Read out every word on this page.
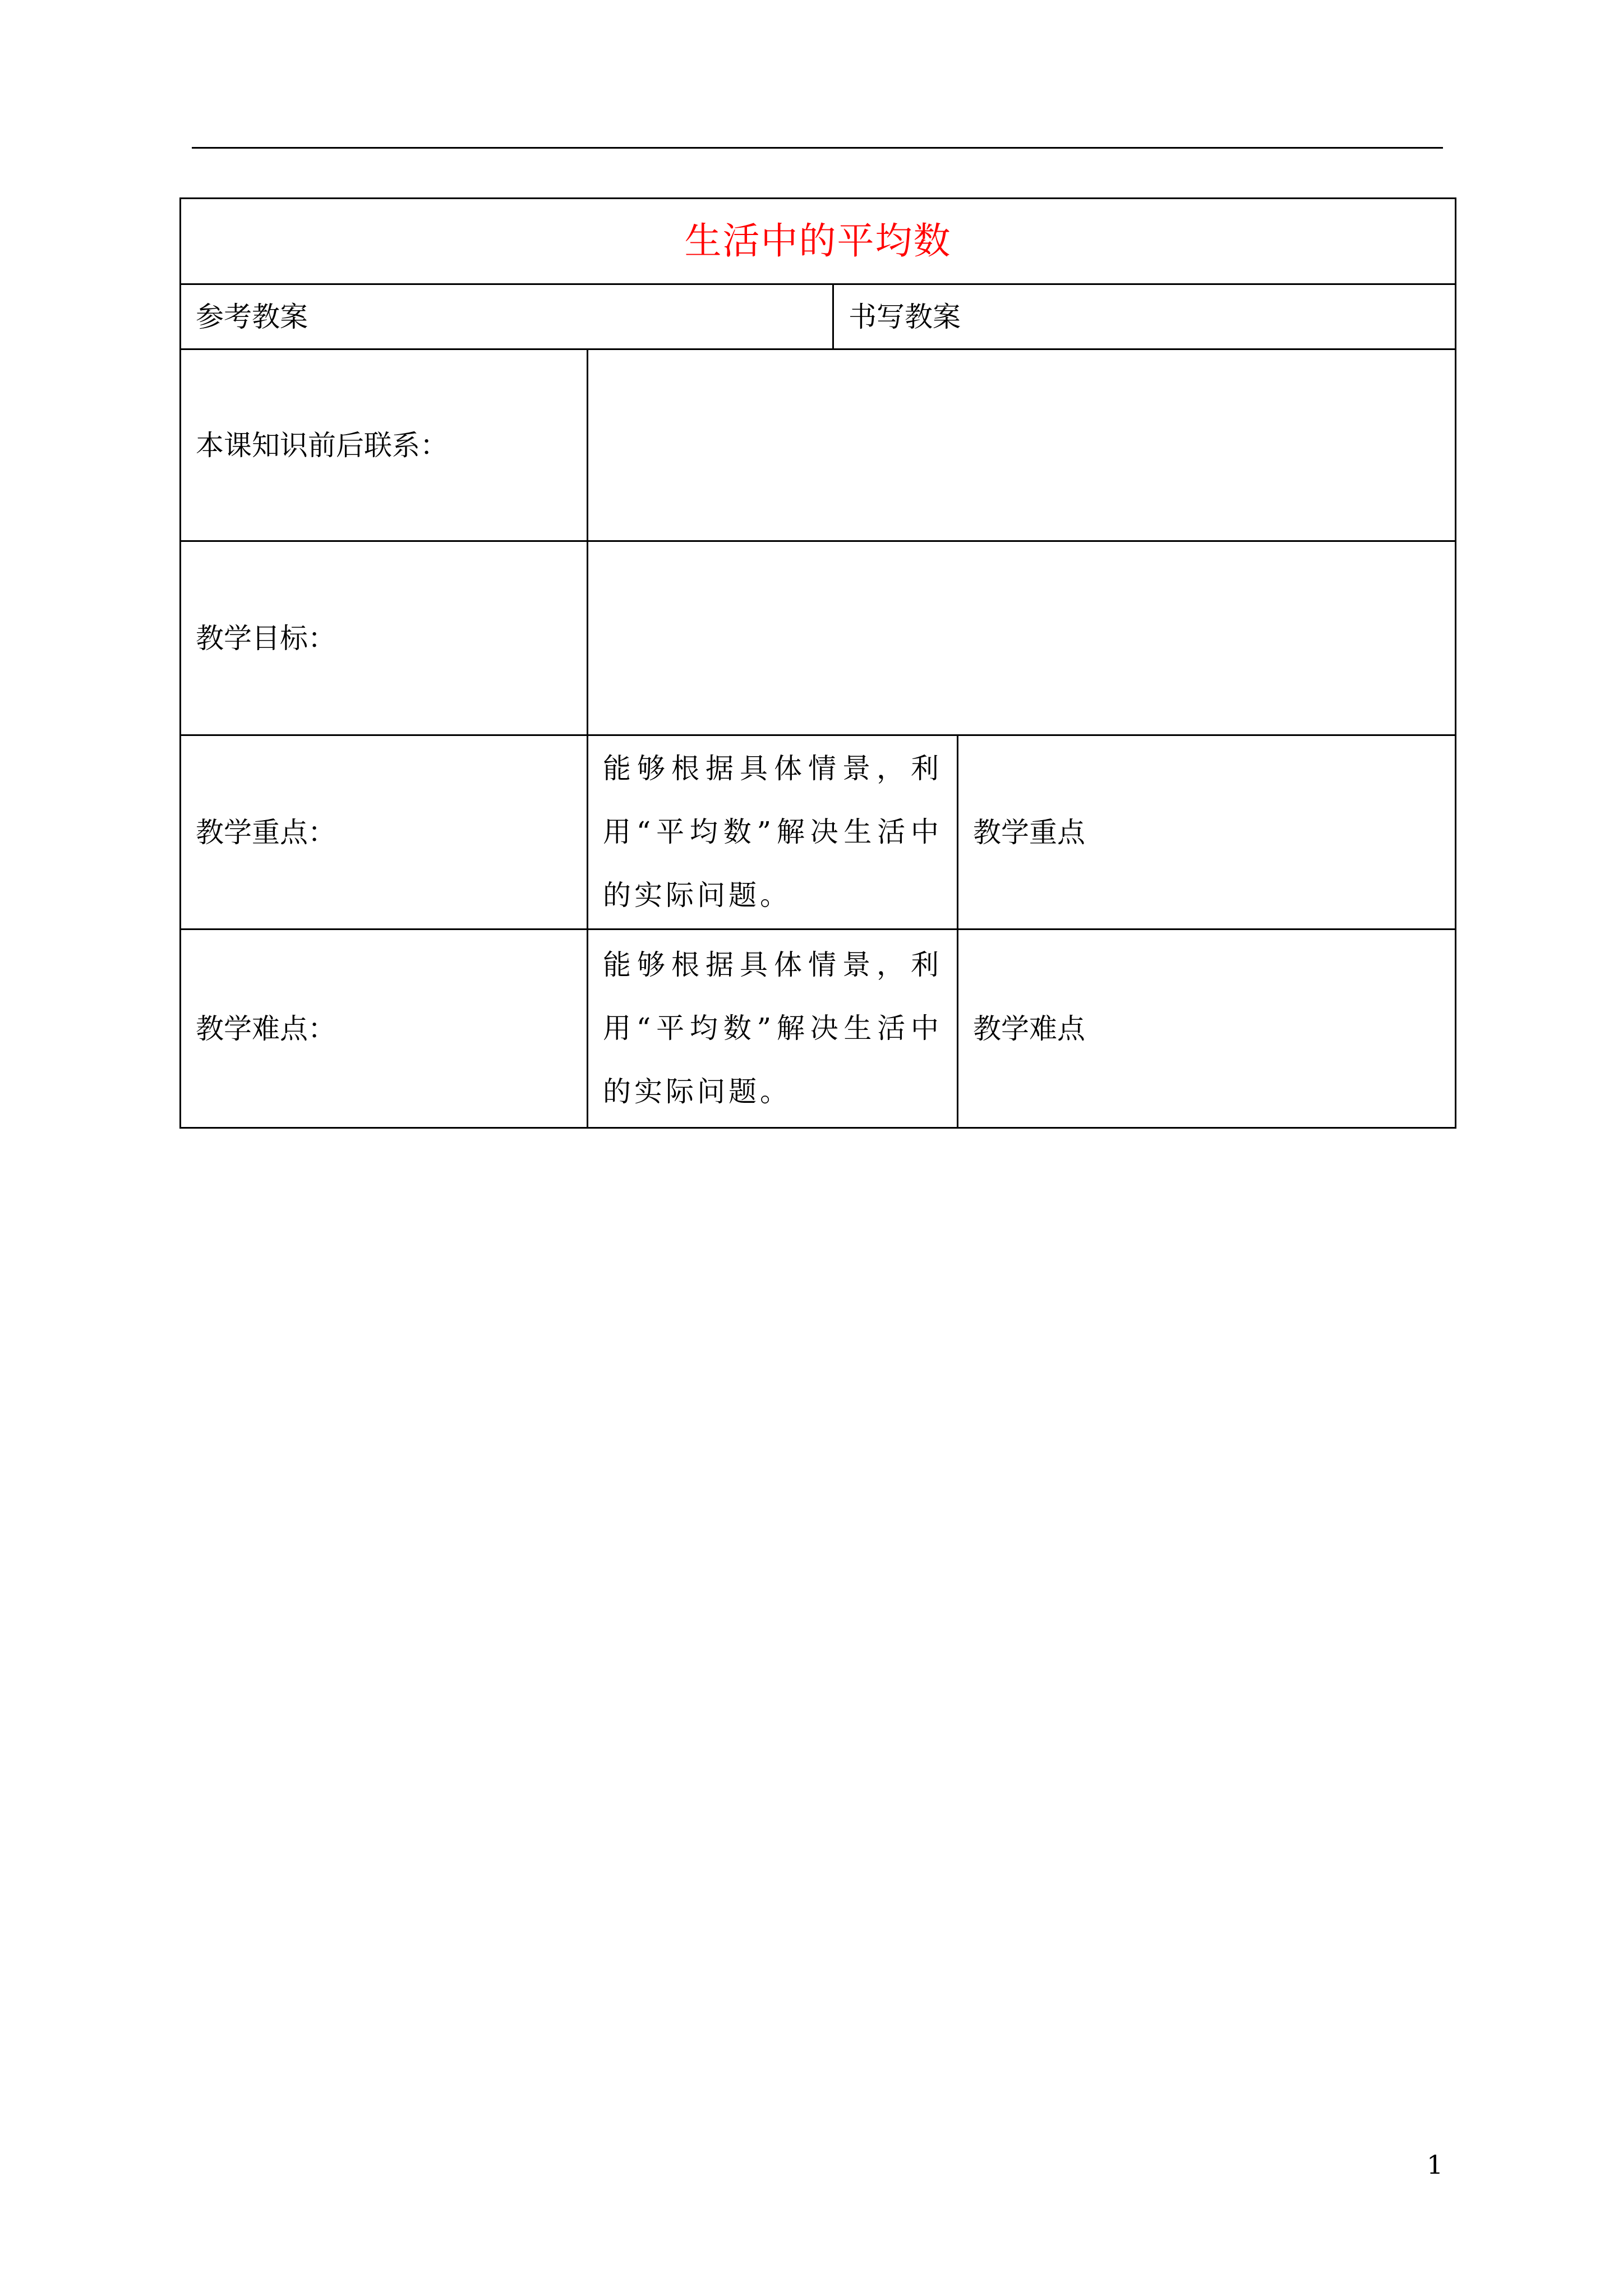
生活中的平均数			
参考教案		书写教案	
本课知识前后联系：			
教学目标：			
教学重点：	能够根据具体情景，利用“平均数”解决生活中的实际问题。		教学重点
教学难点：	能够根据具体情景，利用“平均数”解决生活中的实际问题。		教学难点
1
